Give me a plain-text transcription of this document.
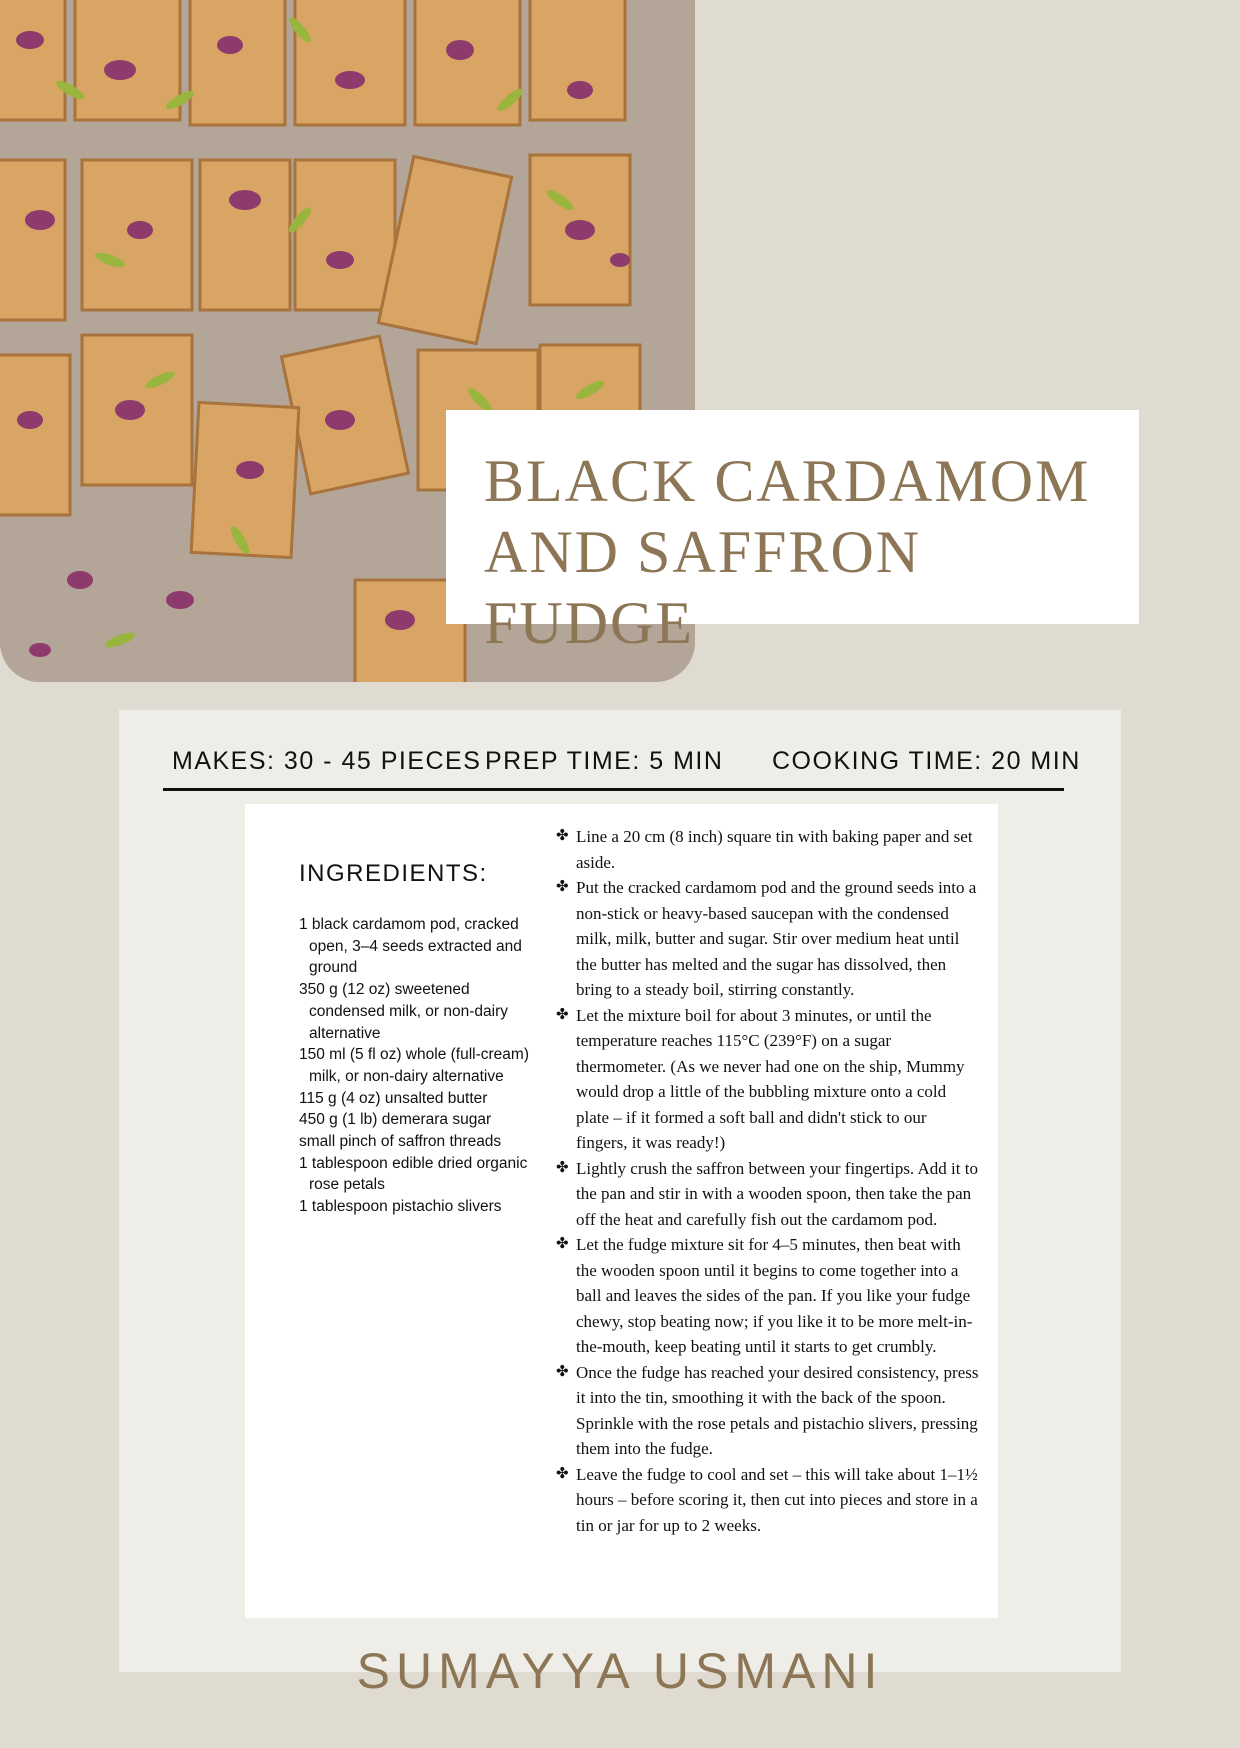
BLACK CARDAMOM
AND SAFFRON FUDGE
MAKES: 30 - 45 PIECES PREP TIME: 5 MIN COOKING TIME: 20 MIN
INGREDIENTS:
1 black cardamom pod, cracked open, 3–4 seeds extracted and ground
350 g (12 oz) sweetened condensed milk, or non-dairy alternative
150 ml (5 fl oz) whole (full-cream) milk, or non-dairy alternative
115 g (4 oz) unsalted butter
450 g (1 lb) demerara sugar
small pinch of saffron threads
1 tablespoon edible dried organic rose petals
1 tablespoon pistachio slivers
✤ Line a 20 cm (8 inch) square tin with baking paper and set aside.
✤ Put the cracked cardamom pod and the ground seeds into a non-stick or heavy-based saucepan with the condensed milk, milk, butter and sugar. Stir over medium heat until the butter has melted and the sugar has dissolved, then bring to a steady boil, stirring constantly.
✤ Let the mixture boil for about 3 minutes, or until the temperature reaches 115°C (239°F) on a sugar thermometer. (As we never had one on the ship, Mummy would drop a little of the bubbling mixture onto a cold plate – if it formed a soft ball and didn't stick to our fingers, it was ready!)
✤ Lightly crush the saffron between your fingertips. Add it to the pan and stir in with a wooden spoon, then take the pan off the heat and carefully fish out the cardamom pod.
✤ Let the fudge mixture sit for 4–5 minutes, then beat with the wooden spoon until it begins to come together into a ball and leaves the sides of the pan. If you like your fudge chewy, stop beating now; if you like it to be more melt-in-the-mouth, keep beating until it starts to get crumbly.
✤ Once the fudge has reached your desired consistency, press it into the tin, smoothing it with the back of the spoon. Sprinkle with the rose petals and pistachio slivers, pressing them into the fudge.
✤ Leave the fudge to cool and set – this will take about 1–1½ hours – before scoring it, then cut into pieces and store in a tin or jar for up to 2 weeks.
SUMAYYA USMANI
